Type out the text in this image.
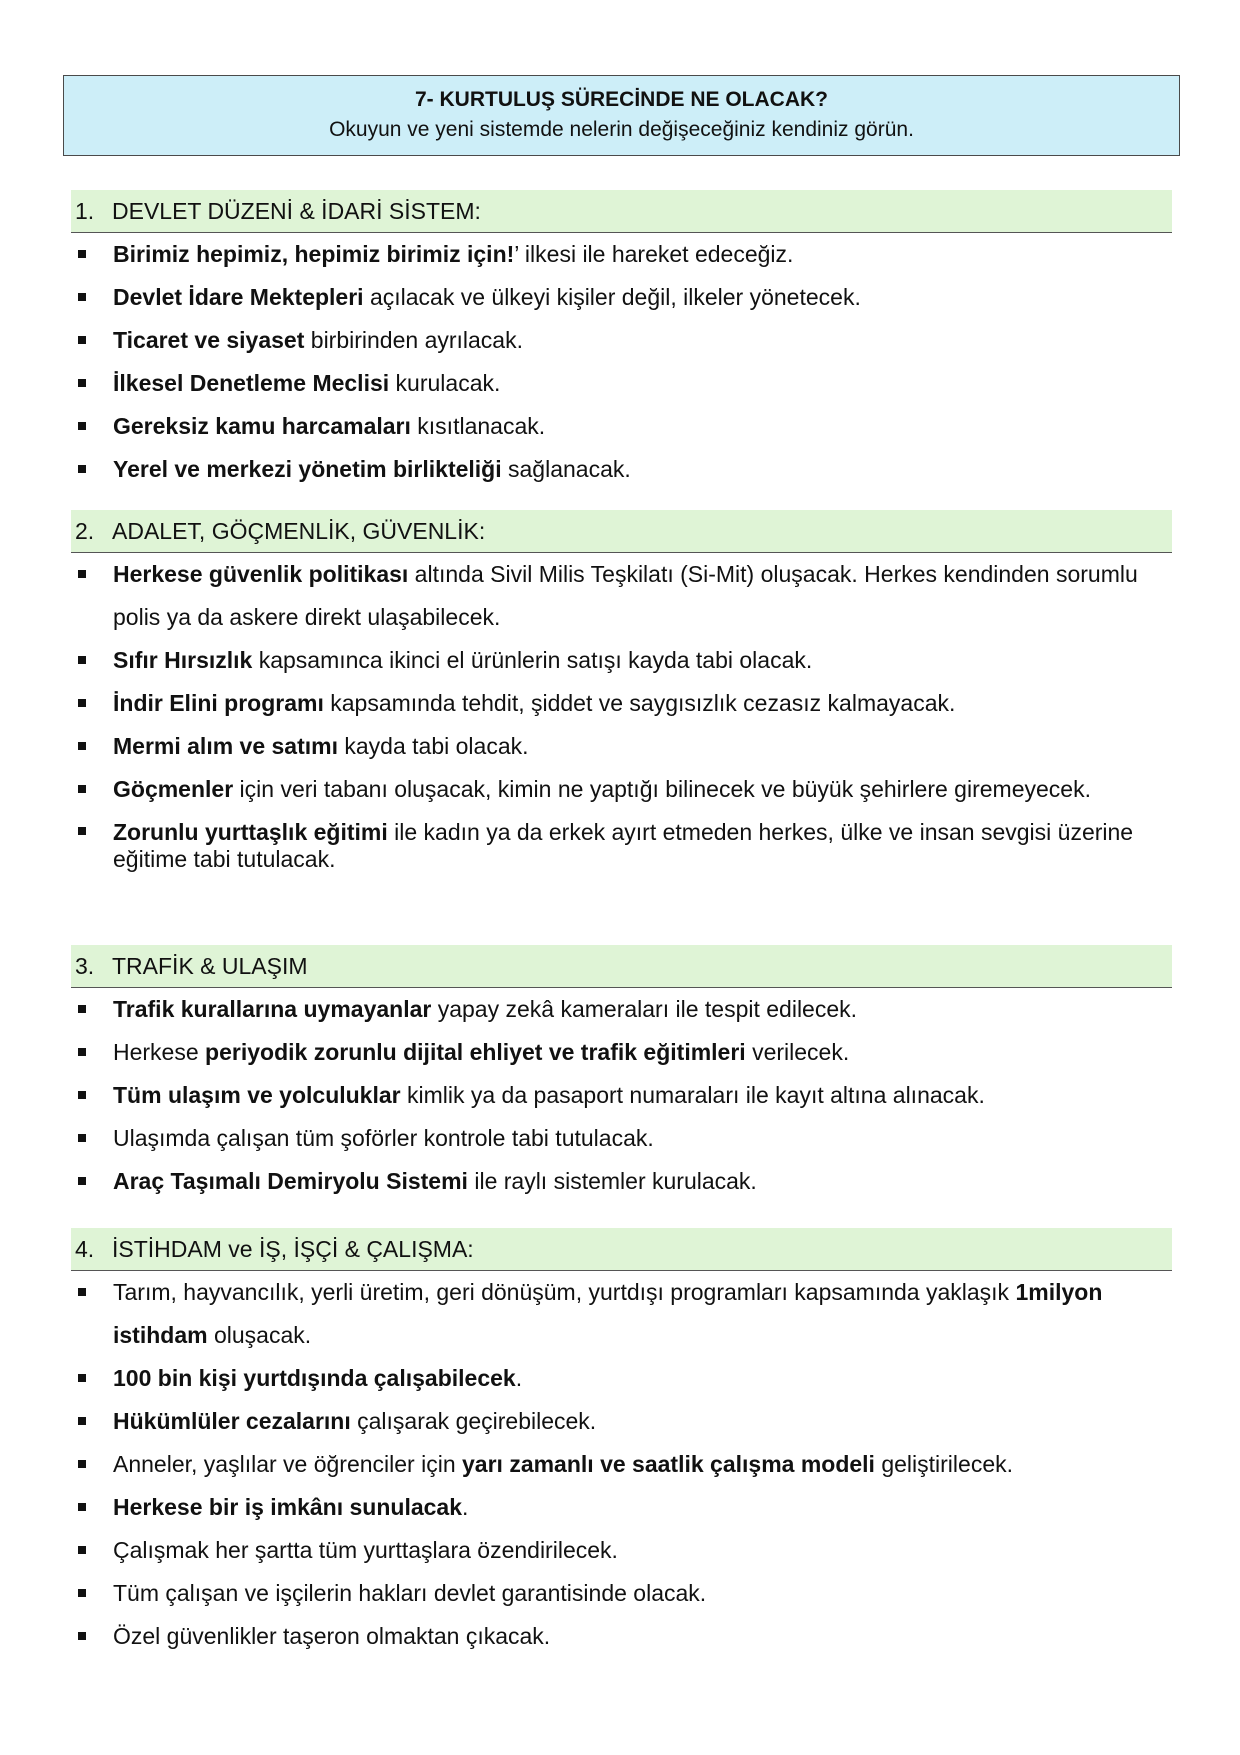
7- KURTULUŞ SÜRECİNDE NE OLACAK?
Okuyun ve yeni sistemde nelerin değişeceğiniz kendiniz görün.
1. DEVLET DÜZENİ & İDARİ SİSTEM:
Birimiz hepimiz, hepimiz birimiz için!’ ilkesi ile hareket edeceğiz.
Devlet İdare Mektepleri açılacak ve ülkeyi kişiler değil, ilkeler yönetecek.
Ticaret ve siyaset birbirinden ayrılacak.
İlkesel Denetleme Meclisi kurulacak.
Gereksiz kamu harcamaları kısıtlanacak.
Yerel ve merkezi yönetim birlikteliği sağlanacak.
2. ADALET, GÖÇMENLİK, GÜVENLİK:
Herkese güvenlik politikası altında Sivil Milis Teşkilatı (Si-Mit) oluşacak. Herkes kendinden sorumlu polis ya da askere direkt ulaşabilecek.
Sıfır Hırsızlık kapsamınca ikinci el ürünlerin satışı kayda tabi olacak.
İndir Elini programı kapsamında tehdit, şiddet ve saygısızlık cezasız kalmayacak.
Mermi alım ve satımı kayda tabi olacak.
Göçmenler için veri tabanı oluşacak, kimin ne yaptığı bilinecek ve büyük şehirlere giremeyecek.
Zorunlu yurttaşlık eğitimi ile kadın ya da erkek ayırt etmeden herkes, ülke ve insan sevgisi üzerine eğitime tabi tutulacak.
3. TRAFİK & ULAŞIM
Trafik kurallarına uymayanlar yapay zekâ kameraları ile tespit edilecek.
Herkese periyodik zorunlu dijital ehliyet ve trafik eğitimleri verilecek.
Tüm ulaşım ve yolculuklar kimlik ya da pasaport numaraları ile kayıt altına alınacak.
Ulaşımda çalışan tüm şoförler kontrole tabi tutulacak.
Araç Taşımalı Demiryolu Sistemi ile raylı sistemler kurulacak.
4. İSTİHDAM ve İŞ, İŞÇİ & ÇALIŞMA:
Tarım, hayvancılık, yerli üretim, geri dönüşüm, yurtdışı programları kapsamında yaklaşık 1milyon istihdam oluşacak.
100 bin kişi yurtdışında çalışabilecek.
Hükümlüler cezalarını çalışarak geçirebilecek.
Anneler, yaşlılar ve öğrenciler için yarı zamanlı ve saatlik çalışma modeli geliştirilecek.
Herkese bir iş imkânı sunulacak.
Çalışmak her şartta tüm yurttaşlara özendirilecek.
Tüm çalışan ve işçilerin hakları devlet garantisinde olacak.
Özel güvenlikler taşeron olmaktan çıkacak.
